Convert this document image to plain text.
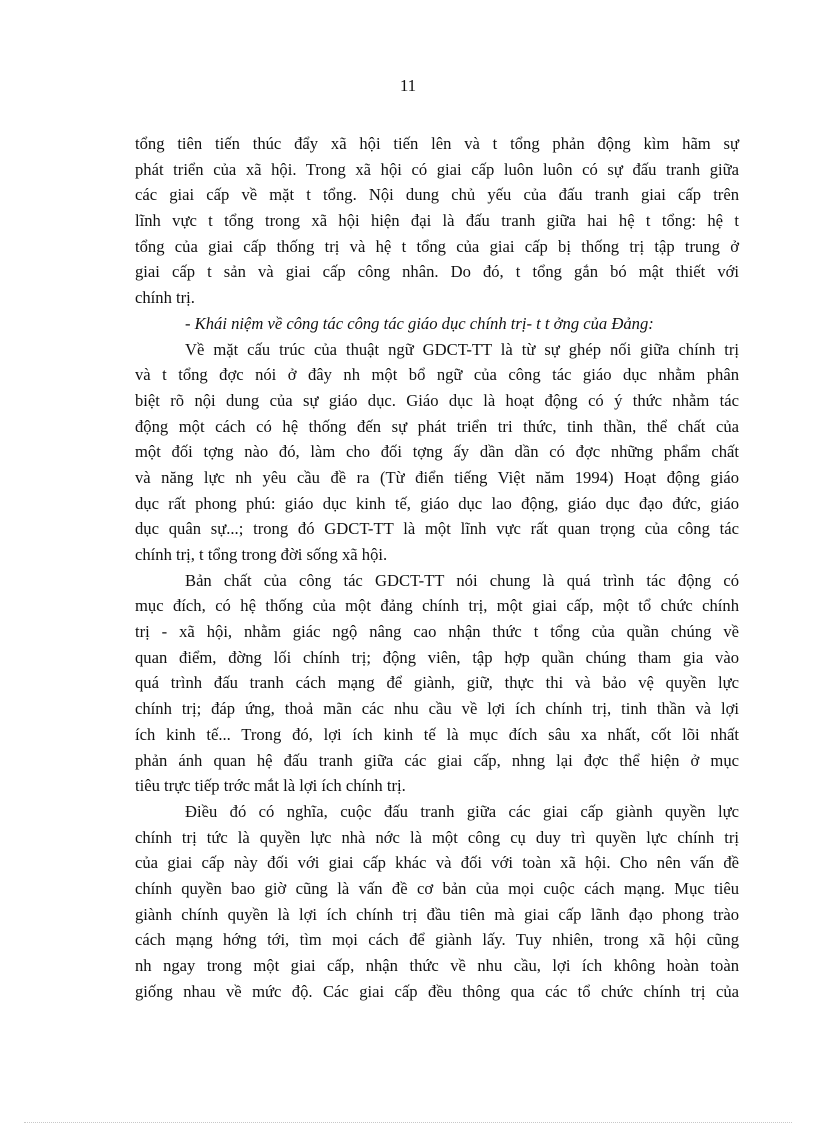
11
tổng tiên tiến thúc đẩy xã hội tiến lên và t tổng phản động kìm hãm sự
phát triển của xã hội. Trong xã hội có giai cấp luôn luôn có sự đấu tranh giữa
các giai cấp về mặt t tổng. Nội dung chủ yếu của đấu tranh giai cấp trên
lĩnh vực t tổng trong xã hội hiện đại là đấu tranh giữa hai hệ t tổng: hệ t
tổng của giai cấp thống trị và hệ t tổng của giai cấp bị thống trị tập trung ở
giai cấp t sản và giai cấp công nhân. Do đó, t tổng gắn bó mật thiết với
chính trị.
- Khái niệm về công tác công tác giáo dục chính trị- t t ởng của Đảng:
Về mặt cấu trúc của thuật ngữ GDCT-TT là từ sự ghép nối giữa chính trị
và t tổng đợc nói ở đây nh một bổ ngữ của công tác giáo dục nhằm phân
biệt rõ nội dung của sự giáo dục. Giáo dục là hoạt động có ý thức nhằm tác
động một cách có hệ thống đến sự phát triển tri thức, tinh thần, thể chất của
một đối tợng nào đó, làm cho đối tợng ấy dần dần có đợc những phẩm chất
và năng lực nh yêu cầu đề ra (Từ điển tiếng Việt năm 1994) Hoạt động giáo
dục rất phong phú: giáo dục kinh tế, giáo dục lao động, giáo dục đạo đức, giáo
dục quân sự...; trong đó GDCT-TT là một lĩnh vực rất quan trọng của công tác
chính trị, t tổng trong đời sống xã hội.
Bản chất của công tác GDCT-TT nói chung là quá trình tác động có
mục đích, có hệ thống của một đảng chính trị, một giai cấp, một tổ chức chính
trị - xã hội, nhằm giác ngộ nâng cao nhận thức t tổng của quần chúng về
quan điểm, đờng lối chính trị; động viên, tập hợp quần chúng tham gia vào
quá trình đấu tranh cách mạng để giành, giữ, thực thi và bảo vệ quyền lực
chính trị; đáp ứng, thoả mãn các nhu cầu về lợi ích chính trị, tinh thần và lợi
ích kinh tế... Trong đó, lợi ích kinh tế là mục đích sâu xa nhất, cốt lõi nhất
phản ánh quan hệ đấu tranh giữa các giai cấp, nhng lại đợc thể hiện ở mục
tiêu trực tiếp trớc mắt là lợi ích chính trị.
Điều đó có nghĩa, cuộc đấu tranh giữa các giai cấp giành quyền lực
chính trị tức là quyền lực nhà nớc là một công cụ duy trì quyền lực chính trị
của giai cấp này đối với giai cấp khác và đối với toàn xã hội. Cho nên vấn đề
chính quyền bao giờ cũng là vấn đề cơ bản của mọi cuộc cách mạng. Mục tiêu
giành chính quyền là lợi ích chính trị đầu tiên mà giai cấp lãnh đạo phong trào
cách mạng hớng tới, tìm mọi cách để giành lấy. Tuy nhiên, trong xã hội cũng
nh ngay trong một giai cấp, nhận thức về nhu cầu, lợi ích không hoàn toàn
giống nhau về mức độ. Các giai cấp đều thông qua các tổ chức chính trị của
